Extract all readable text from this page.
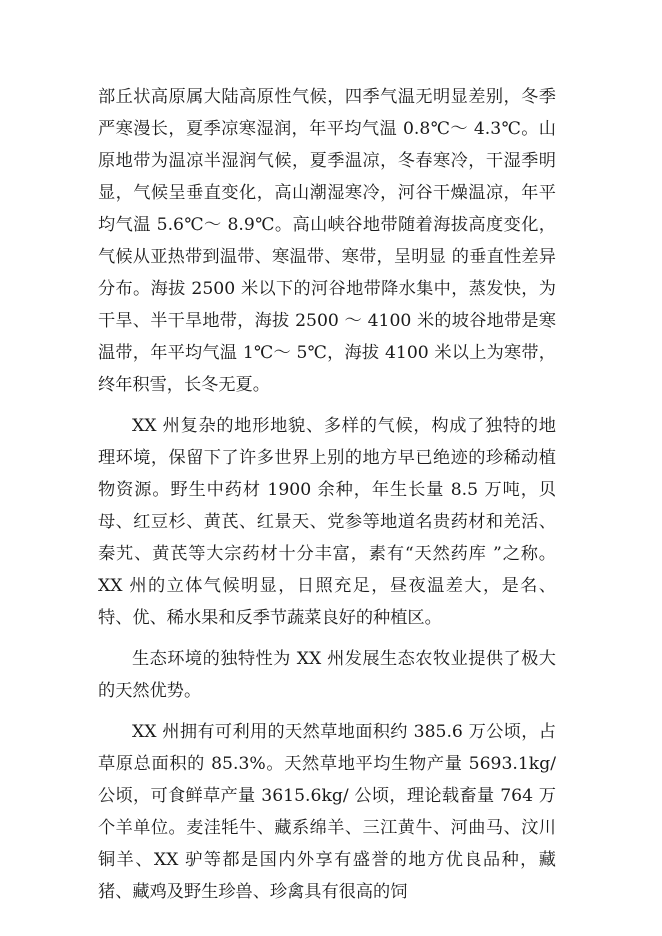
部丘状高原属大陆高原性气候，四季气温无明显差别，冬季严寒漫长，夏季凉寒湿润，年平均气温 0.8℃～ 4.3℃。山原地带为温凉半湿润气候，夏季温凉，冬春寒冷，干湿季明显，气候呈垂直变化，高山潮湿寒冷，河谷干燥温凉，年平均气温 5.6℃～ 8.9℃。高山峡谷地带随着海拔高度变化，气候从亚热带到温带、寒温带、寒带，呈明显 的垂直性差异分布。海拔 2500 米以下的河谷地带降水集中，蒸发快，为干旱、半干旱地带，海拔 2500 ～ 4100 米的坡谷地带是寒温带，年平均气温 1℃～ 5℃，海拔 4100 米以上为寒带，终年积雪，长冬无夏。

XX 州复杂的地形地貌、多样的气候，构成了独特的地理环境，保留下了许多世界上别的地方早已绝迹的珍稀动植物资源。野生中药材 1900 余种，年生长量 8.5 万吨，贝母、红豆杉、黄芪、红景天、党参等地道名贵药材和羌活、秦艽、黄芪等大宗药材十分丰富，素有“天然药库 ”之称。XX 州的立体气候明显，日照充足，昼夜温差大，是名、特、优、稀水果和反季节蔬菜良好的种植区。

生态环境的独特性为 XX 州发展生态农牧业提供了极大的天然优势。

XX 州拥有可利用的天然草地面积约 385.6 万公顷，占草原总面积的 85.3%。天然草地平均生物产量 5693.1kg/ 公顷，可食鲜草产量 3615.6kg/ 公顷，理论载畜量 764 万个羊单位。麦洼牦牛、藏系绵羊、三江黄牛、河曲马、汶川铜羊、XX 驴等都是国内外享有盛誉的地方优良品种，藏猪、藏鸡及野生珍兽、珍禽具有很高的饲
